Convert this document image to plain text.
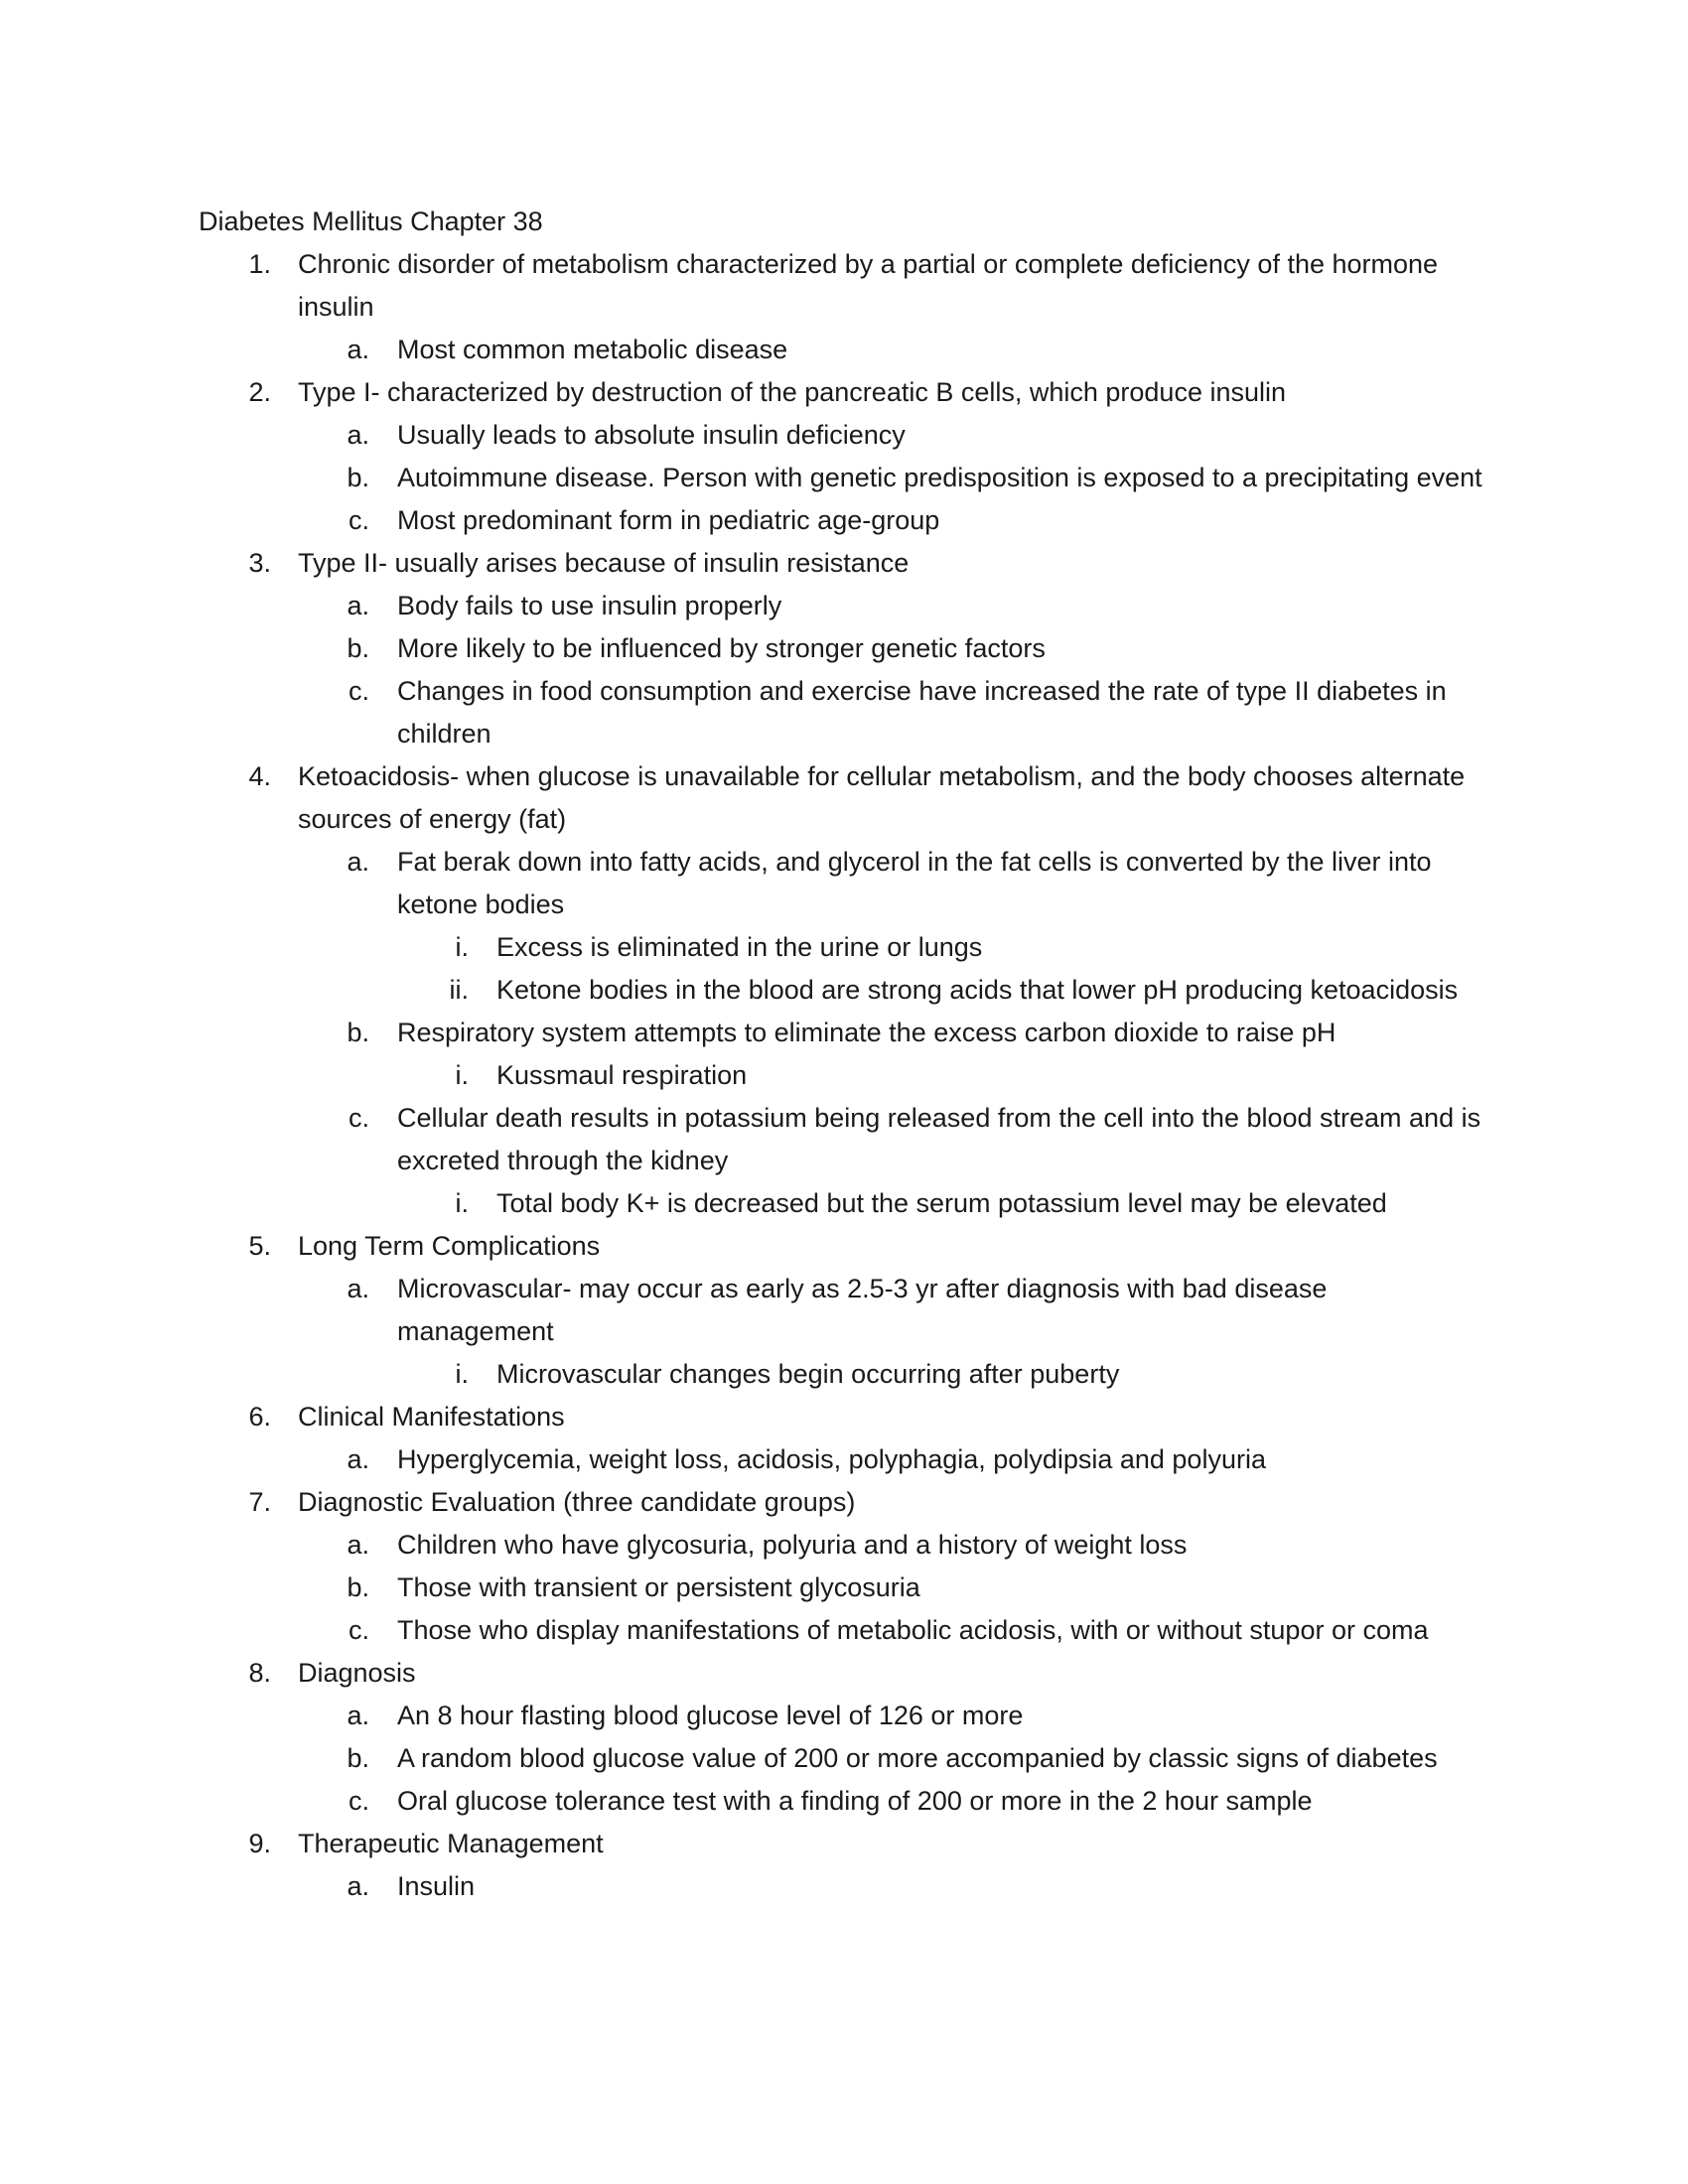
Diabetes Mellitus Chapter 38
1. Chronic disorder of metabolism characterized by a partial or complete deficiency of the hormone insulin
a. Most common metabolic disease
2. Type I- characterized by destruction of the pancreatic B cells, which produce insulin
a. Usually leads to absolute insulin deficiency
b. Autoimmune disease. Person with genetic predisposition is exposed to a precipitating event
c. Most predominant form in pediatric age-group
3. Type II- usually arises because of insulin resistance
a. Body fails to use insulin properly
b. More likely to be influenced by stronger genetic factors
c. Changes in food consumption and exercise have increased the rate of type II diabetes in children
4. Ketoacidosis- when glucose is unavailable for cellular metabolism, and the body chooses alternate sources of energy (fat)
a. Fat berak down into fatty acids, and glycerol in the fat cells is converted by the liver into ketone bodies
i. Excess is eliminated in the urine or lungs
ii. Ketone bodies in the blood are strong acids that lower pH producing ketoacidosis
b. Respiratory system attempts to eliminate the excess carbon dioxide to raise pH
i. Kussmaul respiration
c. Cellular death results in potassium being released from the cell into the blood stream and is excreted through the kidney
i. Total body K+ is decreased but the serum potassium level may be elevated
5. Long Term Complications
a. Microvascular- may occur as early as 2.5-3 yr after diagnosis with bad disease management
i. Microvascular changes begin occurring after puberty
6. Clinical Manifestations
a. Hyperglycemia, weight loss, acidosis, polyphagia, polydipsia and polyuria
7. Diagnostic Evaluation (three candidate groups)
a. Children who have glycosuria, polyuria and a history of weight loss
b. Those with transient or persistent glycosuria
c. Those who display manifestations of metabolic acidosis, with or without stupor or coma
8. Diagnosis
a. An 8 hour flasting blood glucose level of 126 or more
b. A random blood glucose value of 200 or more accompanied by classic signs of diabetes
c. Oral glucose tolerance test with a finding of 200 or more in the 2 hour sample
9. Therapeutic Management
a. Insulin
